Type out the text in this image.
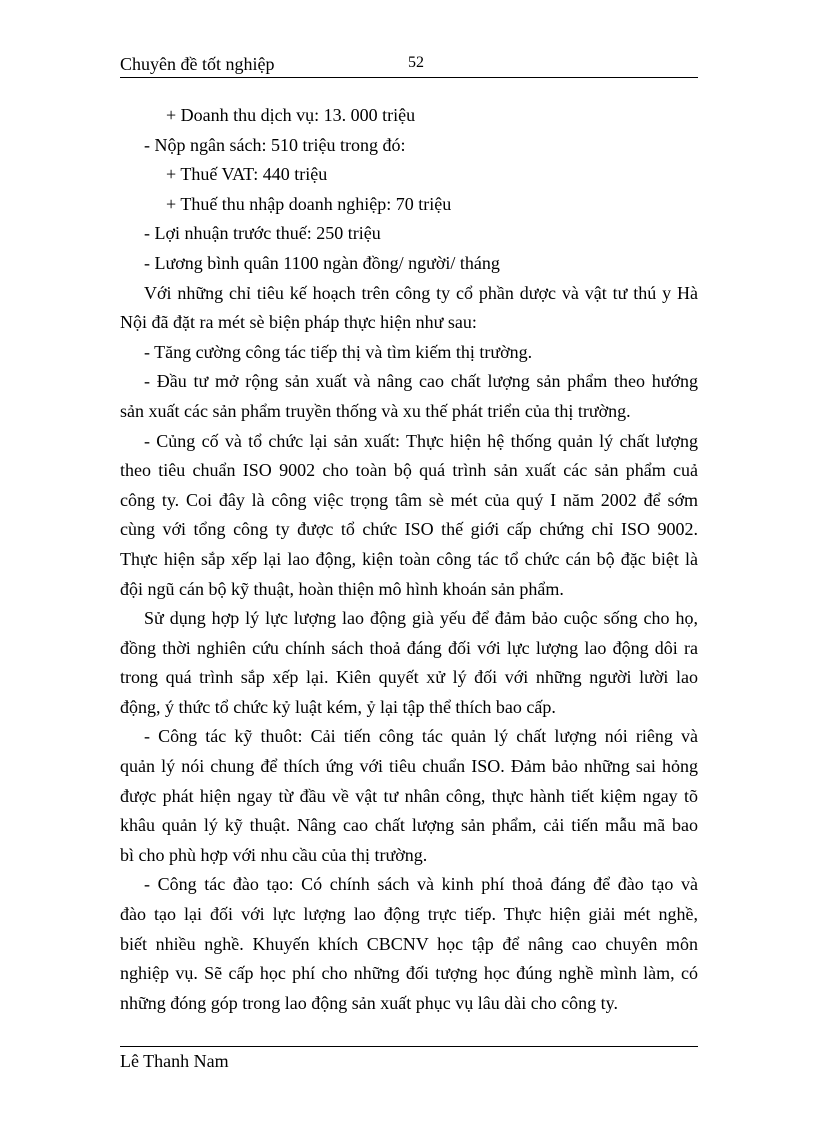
Chuyên đề tốt nghiệp	52
+ Doanh thu dịch vụ: 13. 000 triệu
- Nộp ngân sách: 510 triệu trong đó:
+ Thuế VAT: 440 triệu
+ Thuế thu nhập doanh nghiệp: 70 triệu
- Lợi nhuận trước thuế: 250 triệu
- Lương bình quân 1100 ngàn đồng/ người/ tháng
Với những chỉ tiêu kế hoạch trên công ty cổ phần dược và vật tư thú y Hà
Nội đã đặt ra mét sè biện pháp thực hiện như sau:
- Tăng cường công tác tiếp thị và tìm kiếm thị trường.
- Đầu tư mở rộng sản xuất và nâng cao chất lượng sản phẩm theo hướng
sản xuất các sản phẩm truyền thống và xu thế phát triển của thị trường.
- Củng cố và tổ chức lại sản xuất: Thực hiện hệ thống quản lý chất lượng
theo tiêu chuẩn ISO 9002 cho toàn bộ quá trình sản xuất các sản phẩm cuả
công ty. Coi đây là công việc trọng tâm sè mét của quý I năm 2002 để sớm
cùng với tổng công ty được tổ chức ISO thế giới cấp chứng chỉ ISO 9002.
Thực hiện sắp xếp lại lao động, kiện toàn công tác tổ chức cán bộ đặc biệt là
đội ngũ cán bộ kỹ thuật, hoàn thiện mô hình khoán sản phẩm.
Sử dụng hợp lý lực lượng lao động già yếu để đảm bảo cuộc sống cho họ,
đồng thời nghiên cứu chính sách thoả đáng đối với lực lượng lao động dôi ra
trong quá trình sắp xếp lại. Kiên quyết xử lý đối với những người lười lao
động, ý thức tổ chức kỷ luật kém, ỷ lại tập thể thích bao cấp.
- Công tác kỹ thuôt: Cải tiến công tác quản lý chất lượng nói riêng và
quản lý nói chung để thích ứng với tiêu chuẩn ISO. Đảm bảo những sai hỏng
được phát hiện ngay từ đầu về vật tư nhân công, thực hành tiết kiệm ngay tõ
khâu quản lý kỹ thuật. Nâng cao chất lượng sản phẩm, cải tiến mẫu mã bao
bì cho phù hợp với nhu cầu của thị trường.
- Công tác đào tạo: Có chính sách và kinh phí thoả đáng để đào tạo và
đào tạo lại đối với lực lượng lao động trực tiếp. Thực hiện giải mét nghề,
biết nhiều nghề. Khuyến khích CBCNV học tập để nâng cao chuyên môn
nghiệp vụ. Sẽ cấp học phí cho những đối tượng học đúng nghề mình làm, có
những đóng góp trong lao động sản xuất phục vụ lâu dài cho công ty.
Lê Thanh Nam
